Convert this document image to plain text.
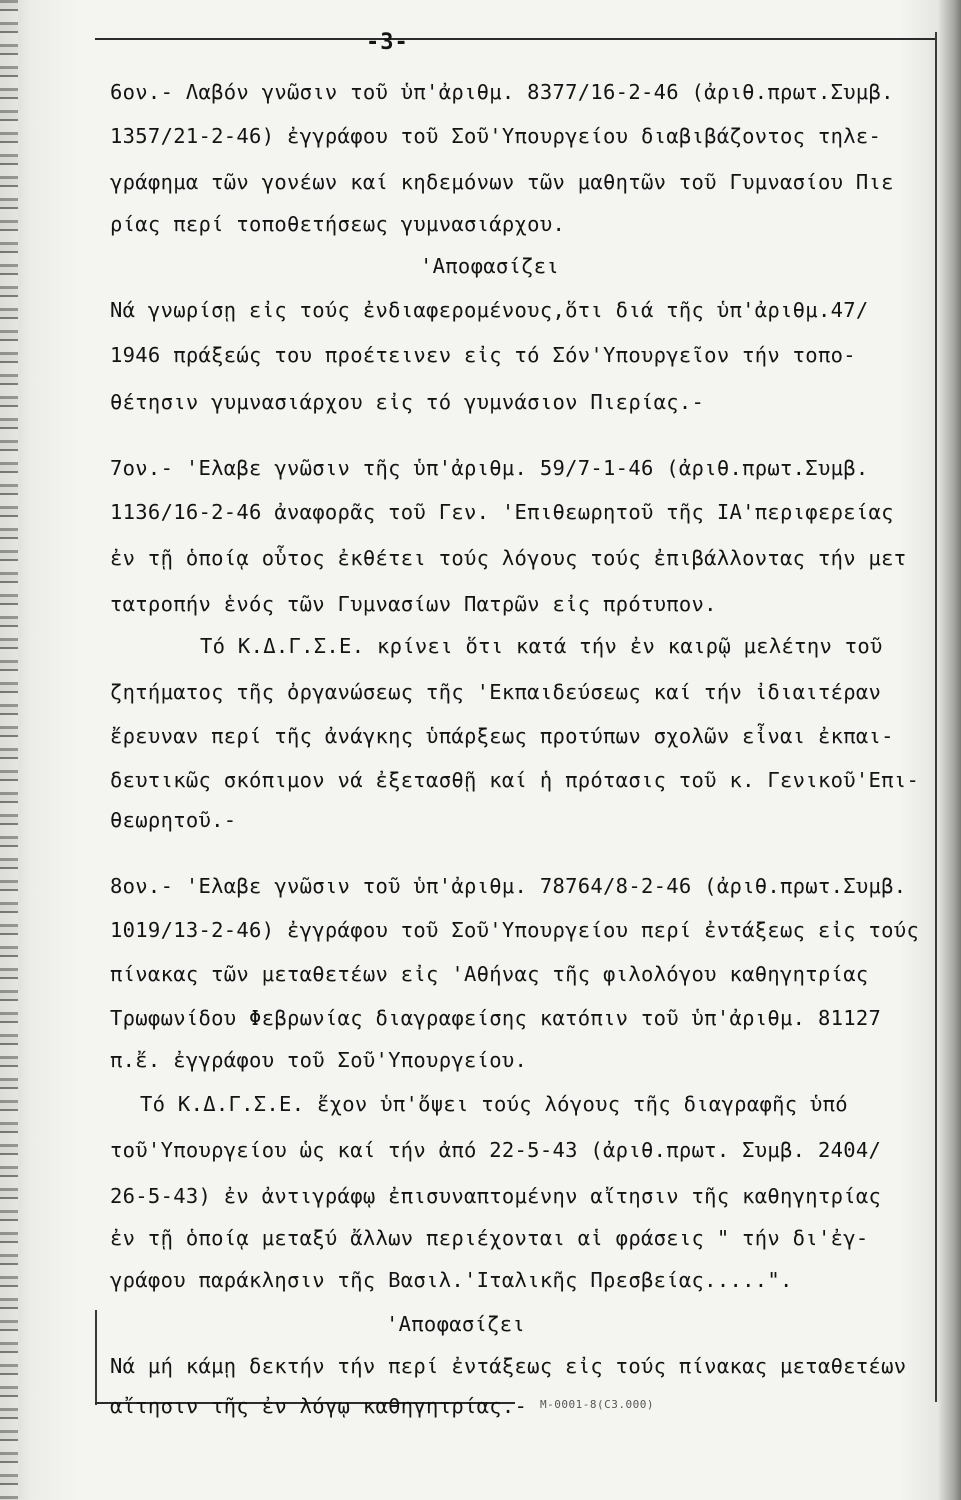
-3-
6ον.- Λαβόν γνῶσιν τοῦ ὑπ'ἀριθμ. 8377/16-2-46 (ἀριθ.πρωτ.Συμβ.
1357/21-2-46) ἐγγράφου τοῦ Σοῦ'Υπουργείου διαβιβάζοντος τηλε-
γράφημα τῶν γονέων καί κηδεμόνων τῶν μαθητῶν τοῦ Γυμνασίου Πιε
ρίας περί τοποθετήσεως γυμνασιάρχου.
'Αποφασίζει
Νά γνωρίσῃ εἰς τούς ἐνδιαφερομένους,ὅτι διά τῆς ὑπ'ἀριθμ.47/
1946 πράξεώς του προέτεινεν εἰς τό Σόν'Υπουργεῖον τήν τοπο-
θέτησιν γυμνασιάρχου εἰς τό γυμνάσιον Πιερίας.-
7ον.- 'Ελαβε γνῶσιν τῆς ὑπ'ἀριθμ. 59/7-1-46 (ἀριθ.πρωτ.Συμβ.
1136/16-2-46 ἀναφορᾶς τοῦ Γεν. 'Επιθεωρητοῦ τῆς ΙΑ'περιφερείας
ἐν τῇ ὁποίᾳ οὗτος ἐκθέτει τούς λόγους τούς ἐπιβάλλοντας τήν μετ
τατροπήν ἑνός τῶν Γυμνασίων Πατρῶν εἰς πρότυπον.
Τό Κ.Δ.Γ.Σ.Ε. κρίνει ὅτι κατά τήν ἐν καιρῷ μελέτην τοῦ
ζητήματος τῆς ὀργανώσεως τῆς 'Εκπαιδεύσεως καί τήν ἰδιαιτέραν
ἔρευναν περί τῆς ἀνάγκης ὑπάρξεως προτύπων σχολῶν εἶναι ἐκπαι-
δευτικῶς σκόπιμον νά ἐξετασθῇ καί ἡ πρότασις τοῦ κ. Γενικοῦ'Επι-
θεωρητοῦ.-
8ον.- 'Ελαβε γνῶσιν τοῦ ὑπ'ἀριθμ. 78764/8-2-46 (ἀριθ.πρωτ.Συμβ.
1019/13-2-46) ἐγγράφου τοῦ Σοῦ'Υπουργείου περί ἐντάξεως εἰς τούς
πίνακας τῶν μεταθετέων εἰς 'Αθήνας τῆς φιλολόγου καθηγητρίας
Τρωφωνίδου Φεβρωνίας διαγραφείσης κατόπιν τοῦ ὑπ'ἀριθμ. 81127
π.ἔ. ἐγγράφου τοῦ Σοῦ'Υπουργείου.
Τό Κ.Δ.Γ.Σ.Ε. ἔχον ὑπ'ὄψει τούς λόγους τῆς διαγραφῆς ὑπό
τοῦ'Υπουργείου ὡς καί τήν ἀπό 22-5-43 (ἀριθ.πρωτ. Συμβ. 2404/
26-5-43) ἐν ἀντιγράφῳ ἐπισυναπτομένην αἴτησιν τῆς καθηγητρίας
ἐν τῇ ὁποίᾳ μεταξύ ἄλλων περιέχονται αἱ φράσεις " τήν δι'ἐγ-
γράφου παράκλησιν τῆς Βασιλ.'Ιταλικῆς Πρεσβείας.....".
'Αποφασίζει
Νά μή κάμῃ δεκτήν τήν περί ἐντάξεως εἰς τούς πίνακας μεταθετέων
αἴτησιν τῆς ἐν λόγῳ καθηγητρίας.- M-0001-8(C3.000)
